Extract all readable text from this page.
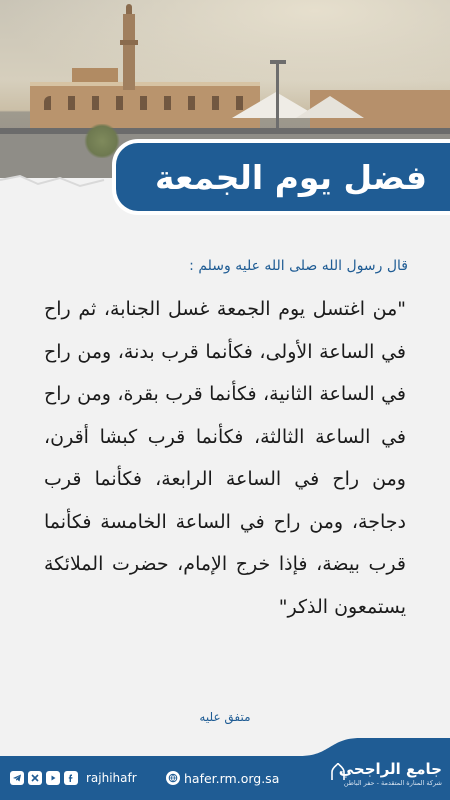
فضل يوم الجمعة
قال رسول الله صلى الله عليه وسلم :
"من اغتسل يوم الجمعة غسل الجنابة، ثم راح في الساعة الأولى، فكأنما قرب بدنة، ومن راح في الساعة الثانية، فكأنما قرب بقرة، ومن راح في الساعة الثالثة، فكأنما قرب كبشا أقرن، ومن راح في الساعة الرابعة، فكأنما قرب دجاجة، ومن راح في الساعة الخامسة فكأنما قرب بيضة، فإذا خرج الإمام، حضرت الملائكة يستمعون الذكر"
متفق عليه
rajhihafr	hafer.rm.org.sa	جامع الراجحي
شركة المنارة المتقدمة - حفر الباطن
